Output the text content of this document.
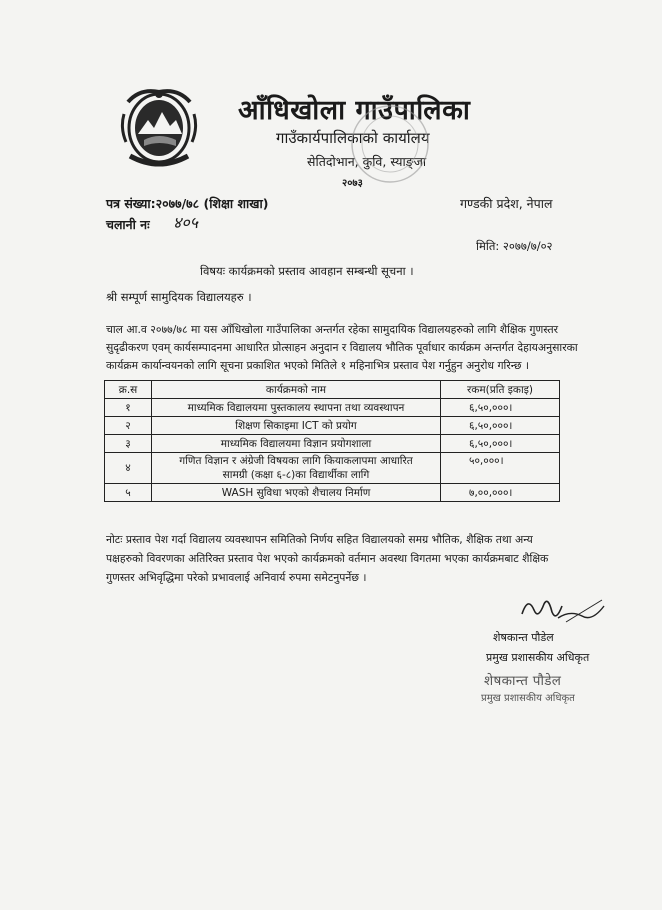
आँधिखोला गाउँपालिका
गाउँकार्यपालिकाको कार्यालय
सेतिदोभान, कुवि, स्याङ्जा
२०७३
पत्र संख्या:२०७७/७८ (शिक्षा शाखा)	गण्डकी प्रदेश, नेपाल
चलानी नः ४०५
मिति: २०७७/७/०२
विषयः कार्यक्रमको प्रस्ताव आवहान सम्बन्धी सूचना ।
श्री सम्पूर्ण सामुदियक विद्यालयहरु ।
चाल आ.व २०७७/७८ मा यस आँधिखोला गाउँपालिका अन्तर्गत रहेका सामुदायिक विद्यालयहरुको लागि शैक्षिक गुणस्तर
सुदृढीकरण एवम् कार्यसम्पादनमा आधारित प्रोत्साहन अनुदान र विद्यालय भौतिक पूर्वाधार कार्यक्रम अन्तर्गत देहायअनुसारका
कार्यक्रम कार्यान्वयनको लागि सूचना प्रकाशित भएको मितिले १ महिनाभित्र प्रस्ताव पेश गर्नुहुन अनुरोध गरिन्छ ।
क्र.स	कार्यक्रमको नाम	रकम(प्रति इकाइ)
१	माध्यमिक विद्यालयमा पुस्तकालय स्थापना तथा व्यवस्थापन	६,५०,०००।
२	शिक्षण सिकाइमा ICT को प्रयोग	६,५०,०००।
३	माध्यमिक विद्यालयमा विज्ञान प्रयोगशाला	६,५०,०००।
४	गणित विज्ञान र अंग्रेजी विषयका लागि कियाकलापमा आधारित
सामग्री (कक्षा ६-८)का विद्यार्थीका लागि	५०,०००।
५	WASH सुविधा भएको शैचालय निर्माण	७,००,०००।
नोटः प्रस्ताव पेश गर्दा विद्यालय व्यवस्थापन समितिको निर्णय सहित विद्यालयको समग्र भौतिक, शैक्षिक तथा अन्य
पक्षहरुको विवरणका अतिरिक्त प्रस्ताव पेश भएको कार्यक्रमको वर्तमान अवस्था विगतमा भएका कार्यक्रमबाट शैक्षिक
गुणस्तर अभिवृद्धिमा परेको प्रभावलाई अनिवार्य रुपमा समेटनुपर्नेछ ।
शेषकान्त पौडेल
प्रमुख प्रशासकीय अधिकृत
शेषकान्त पौडेल
प्रमुख प्रशासकीय अधिकृत
